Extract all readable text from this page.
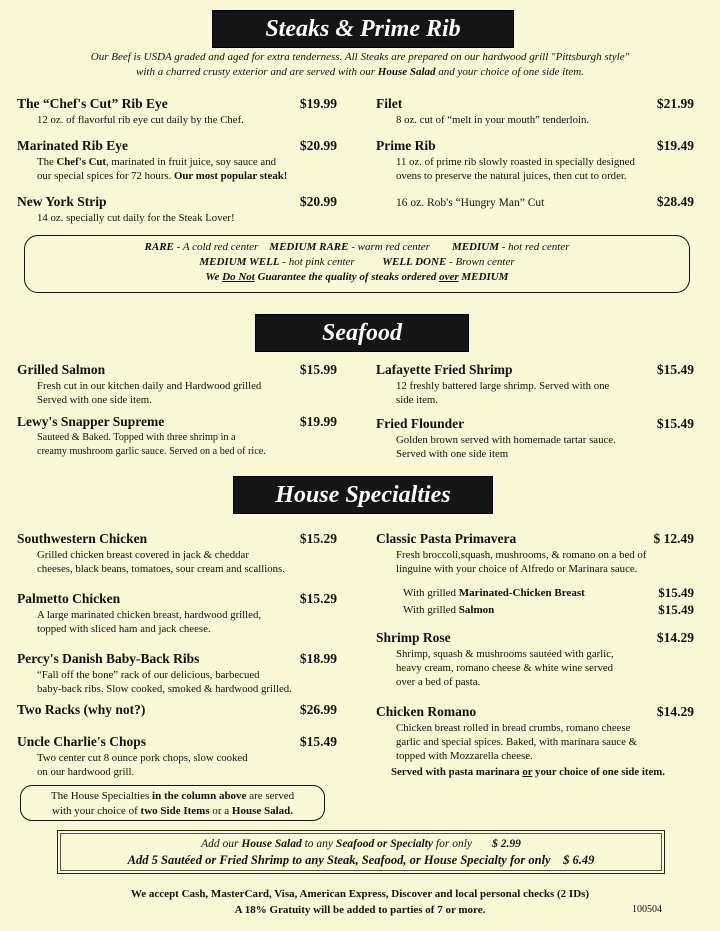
Steaks & Prime Rib
Our Beef is USDA graded and aged for extra tenderness. All Steaks are prepared on our hardwood grill "Pittsburgh style"
with a charred crusty exterior and are served with our House Salad and your choice of one side item.
The “Chef's Cut” Rib Eye	$19.99
12 oz. of flavorful rib eye cut daily by the Chef.
Marinated Rib Eye	$20.99
The Chef's Cut, marinated in fruit juice, soy sauce and
our special spices for 72 hours. Our most popular steak!
New York Strip	$20.99
14 oz. specially cut daily for the Steak Lover!
Filet	$21.99
8 oz. cut of “melt in your mouth” tenderloin.
Prime Rib	$19.49
11 oz. of prime rib slowly roasted in specially designed
ovens to preserve the natural juices, then cut to order.
16 oz. Rob's “Hungry Man” Cut	$28.49
RARE - A cold red center MEDIUM RARE - warm red center MEDIUM - hot red center
MEDIUM WELL - hot pink center	WELL DONE - Brown center
We Do Not Guarantee the quality of steaks ordered over MEDIUM
Seafood
Grilled Salmon	$15.99
Fresh cut in our kitchen daily and Hardwood grilled
Served with one side item.
Lewy's Snapper Supreme	$19.99
Sauteed & Baked. Topped with three shrimp in a
creamy mushroom garlic sauce. Served on a bed of rice.
Lafayette Fried Shrimp	$15.49
12 freshly battered large shrimp. Served with one
side item.
Fried Flounder	$15.49
Golden brown served with homemade tartar sauce.
Served with one side item
House Specialties
Southwestern Chicken	$15.29
Grilled chicken breast covered in jack & cheddar
cheeses, black beans, tomatoes, sour cream and scallions.
Palmetto Chicken	$15.29
A large marinated chicken breast, hardwood grilled,
topped with sliced ham and jack cheese.
Percy's Danish Baby-Back Ribs	$18.99
“Fall off the bone” rack of our delicious, barbecued
baby-back ribs. Slow cooked, smoked & hardwood grilled.
Two Racks (why not?)	$26.99
Uncle Charlie's Chops	$15.49
Two center cut 8 ounce pork chops, slow cooked
on our hardwood grill.
The House Specialties in the column above are served
with your choice of two Side Items or a House Salad.
Classic Pasta Primavera	$ 12.49
Fresh broccoli,squash, mushrooms, & romano on a bed of
linguine with your choice of Alfredo or Marinara sauce.
With grilled Marinated-Chicken Breast	$15.49
With grilled Salmon	$15.49
Shrimp Rose	$14.29
Shrimp, squash & mushrooms sautéed with garlic,
heavy cream, romano cheese & white wine served
over a bed of pasta.
Chicken Romano	$14.29
Chicken breast rolled in bread crumbs, romano cheese
garlic and special spices. Baked, with marinara sauce &
topped with Mozzarella cheese.
Served with pasta marinara or your choice of one side item.
Add our House Salad to any Seafood or Specialty for only $ 2.99
Add 5 Sautéed or Fried Shrimp to any Steak, Seafood, or House Specialty for only $ 6.49
We accept Cash, MasterCard, Visa, American Express, Discover and local personal checks (2 IDs)
A 18% Gratuity will be added to parties of 7 or more.	100504
